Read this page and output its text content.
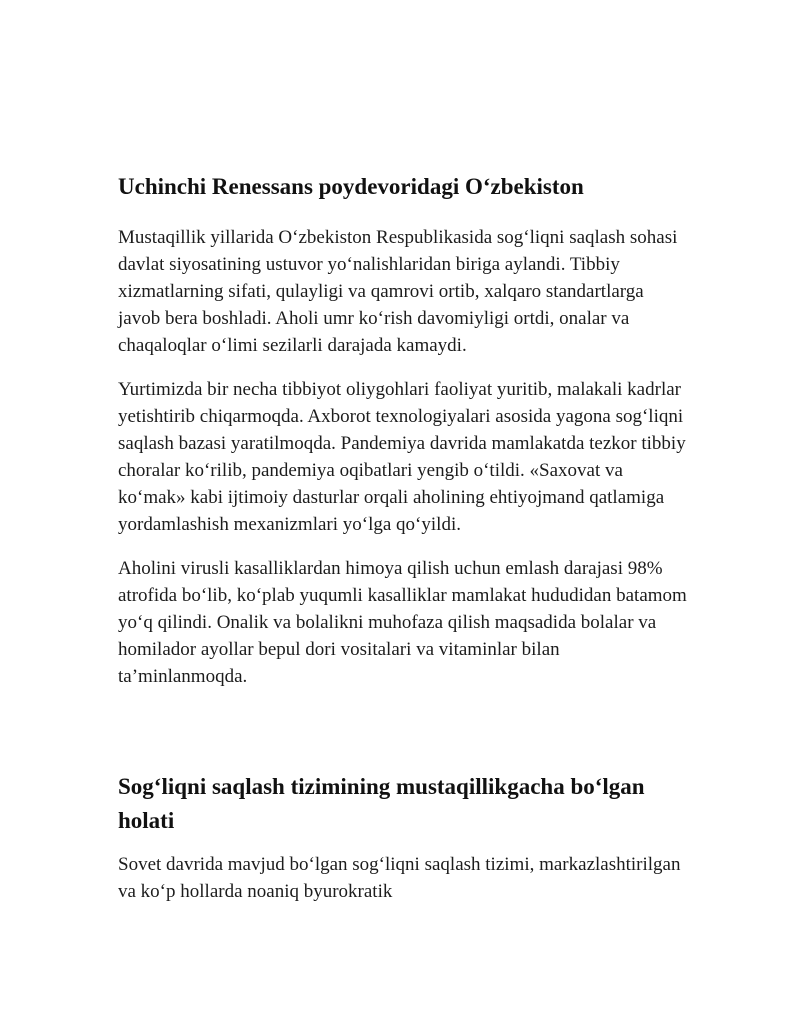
Uchinchi Renessans poydevoridagi O‘zbekiston

Mustaqillik yillarida O‘zbekiston Respublikasida sog‘liqni saqlash sohasi davlat siyosatining ustuvor yo‘nalishlaridan biriga aylandi. Tibbiy xizmatlarning sifati, qulayligi va qamrovi ortib, xalqaro standartlarga javob bera boshladi. Aholi umr ko‘rish davomiyligi ortdi, onalar va chaqaloqlar o‘limi sezilarli darajada kamaydi.

Yurtimizda bir necha tibbiyot oliygohlari faoliyat yuritib, malakali kadrlar yetishtirib chiqarmoqda. Axborot texnologiyalari asosida yagona sog‘liqni saqlash bazasi yaratilmoqda. Pandemiya davrida mamlakatda tezkor tibbiy choralar ko‘rilib, pandemiya oqibatlari yengib o‘tildi. «Saxovat va ko‘mak» kabi ijtimoiy dasturlar orqali aholining ehtiyojmand qatlamiga yordamlashish mexanizmlari yo‘lga qo‘yildi.

Aholini virusli kasalliklardan himoya qilish uchun emlash darajasi 98% atrofida bo‘lib, ko‘plab yuqumli kasalliklar mamlakat hududidan batamom yo‘q qilindi. Onalik va bolalikni muhofaza qilish maqsadida bolalar va homilador ayollar bepul dori vositalari va vitaminlar bilan ta’minlanmoqda.

Sog‘liqni saqlash tizimining mustaqillikgacha bo‘lgan holati

Sovet davrida mavjud bo‘lgan sog‘liqni saqlash tizimi, markazlashtirilgan va ko‘p hollarda noaniq byurokratik
